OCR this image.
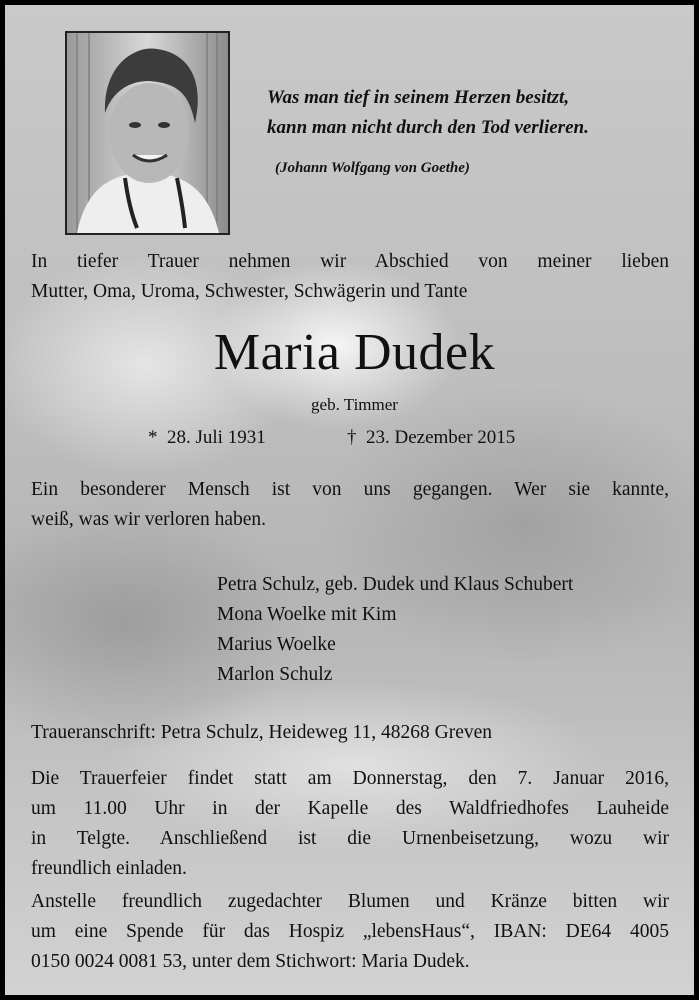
Was man tief in seinem Herzen besitzt,
kann man nicht durch den Tod verlieren.
(Johann Wolfgang von Goethe)
In tiefer Trauer nehmen wir Abschied von meiner lieben
Mutter, Oma, Uroma, Schwester, Schwägerin und Tante
Maria Dudek
geb. Timmer
* 28. Juli 1931	† 23. Dezember 2015
Ein besonderer Mensch ist von uns gegangen. Wer sie kannte,
weiß, was wir verloren haben.
Petra Schulz, geb. Dudek und Klaus Schubert
Mona Woelke mit Kim
Marius Woelke
Marlon Schulz
Traueranschrift: Petra Schulz, Heideweg 11, 48268 Greven
Die Trauerfeier findet statt am Donnerstag, den 7. Januar 2016,
um 11.00 Uhr in der Kapelle des Waldfriedhofes Lauheide
in Telgte. Anschließend ist die Urnenbeisetzung, wozu wir
freundlich einladen.
Anstelle freundlich zugedachter Blumen und Kränze bitten wir
um eine Spende für das Hospiz „lebensHaus“, IBAN: DE64 4005
0150 0024 0081 53, unter dem Stichwort: Maria Dudek.
